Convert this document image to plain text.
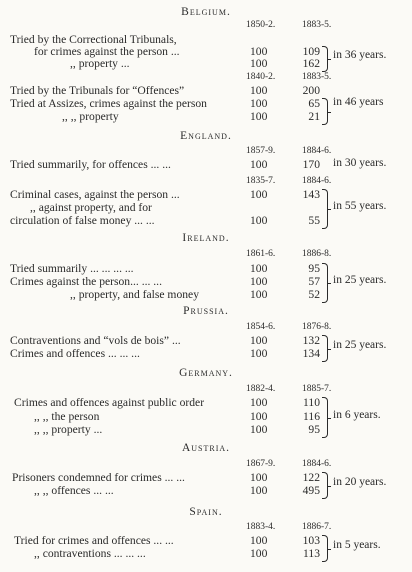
Belgium.
1850-2.	1883-5.
Tried by the Correctional Tribunals,
for crimes against the person ...	100	109
,, property ...	100	162
in 36 years.
1840-2.	1883-5.
Tried by the Tribunals for “Offences”	100	200
Tried at Assizes, crimes against the person	100	65
,, ,, property	100	21
in 46 years
England.
1857-9.	1884-6.
Tried summarily, for offences ... ...	100	170 in 30 years.
1835-7.	1884-6.
Criminal cases, against the person ...	100	143
,, against property, and for
circulation of false money ... ...	100	55
in 55 years.
Ireland.
1861-6.	1886-8.
Tried summarily ... ... ... ...	100	95
Crimes against the person... ... ...	100	57
,, property, and false money	100	52
in 25 years.
Prussia.
1854-6.	1876-8.
Contraventions and “vols de bois” ...	100	132
Crimes and offences ... ... ...	100	134
in 25 years.
Germany.
1882-4.	1885-7.
Crimes and offences against public order	100	110
,, ,, the person	100	116
,, ,, property ...	100	95
in 6 years.
Austria.
1867-9.	1884-6.
Prisoners condemned for crimes ... ...	100	122
,, ,, offences ... ...	100	495
in 20 years.
Spain.
1883-4.	1886-7.
Tried for crimes and offences ... ...	100	103
,, contraventions ... ... ...	100	113
in 5 years.
